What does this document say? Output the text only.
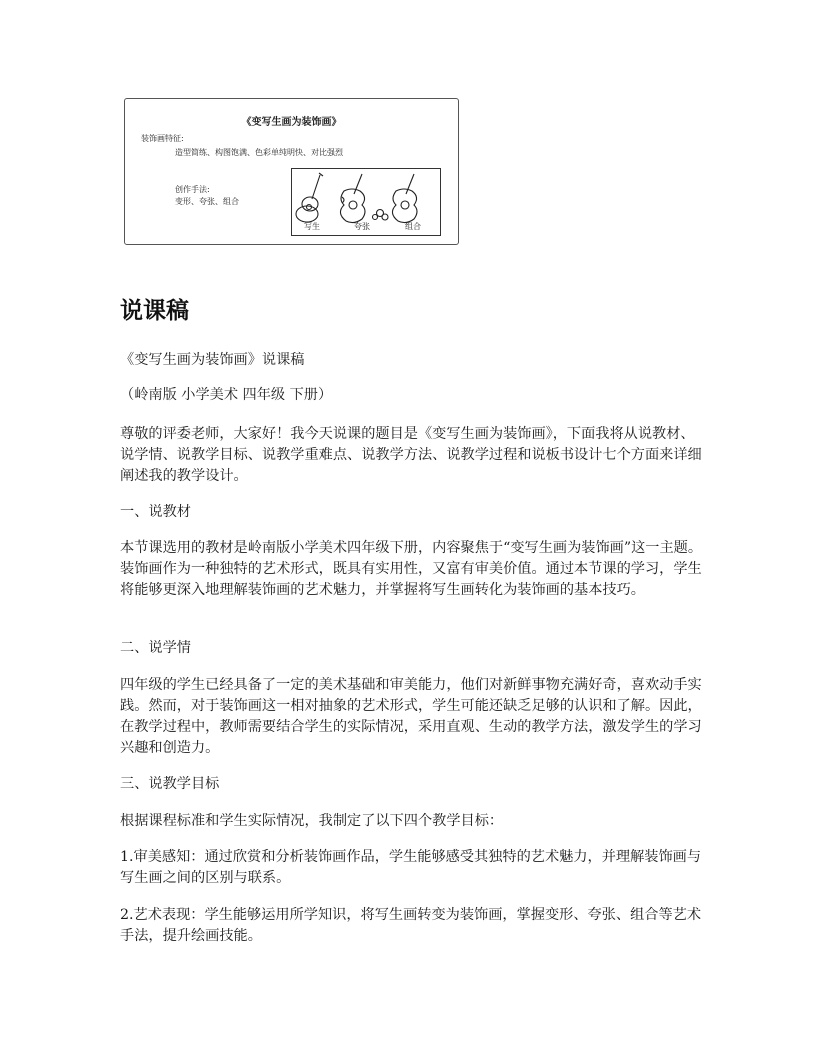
《变写生画为装饰画》
装饰画特征:
造型简练、构图饱满、色彩单纯明快、对比强烈
创作手法:
变形、夸张、组合
写生	夸张	组合
说课稿

《变写生画为装饰画》说课稿

（岭南版 小学美术 四年级 下册）

尊敬的评委老师，大家好！我今天说课的题目是《变写生画为装饰画》，下面我将从说教材、说学情、说教学目标、说教学重难点、说教学方法、说教学过程和说板书设计七个方面来详细阐述我的教学设计。

一、说教材

本节课选用的教材是岭南版小学美术四年级下册，内容聚焦于“变写生画为装饰画”这一主题。装饰画作为一种独特的艺术形式，既具有实用性，又富有审美价值。通过本节课的学习，学生将能够更深入地理解装饰画的艺术魅力，并掌握将写生画转化为装饰画的基本技巧。

二、说学情

四年级的学生已经具备了一定的美术基础和审美能力，他们对新鲜事物充满好奇，喜欢动手实践。然而，对于装饰画这一相对抽象的艺术形式，学生可能还缺乏足够的认识和了解。因此，在教学过程中，教师需要结合学生的实际情况，采用直观、生动的教学方法，激发学生的学习兴趣和创造力。

三、说教学目标

根据课程标准和学生实际情况，我制定了以下四个教学目标：

1.审美感知：通过欣赏和分析装饰画作品，学生能够感受其独特的艺术魅力，并理解装饰画与写生画之间的区别与联系。

2.艺术表现：学生能够运用所学知识，将写生画转变为装饰画，掌握变形、夸张、组合等艺术手法，提升绘画技能。
